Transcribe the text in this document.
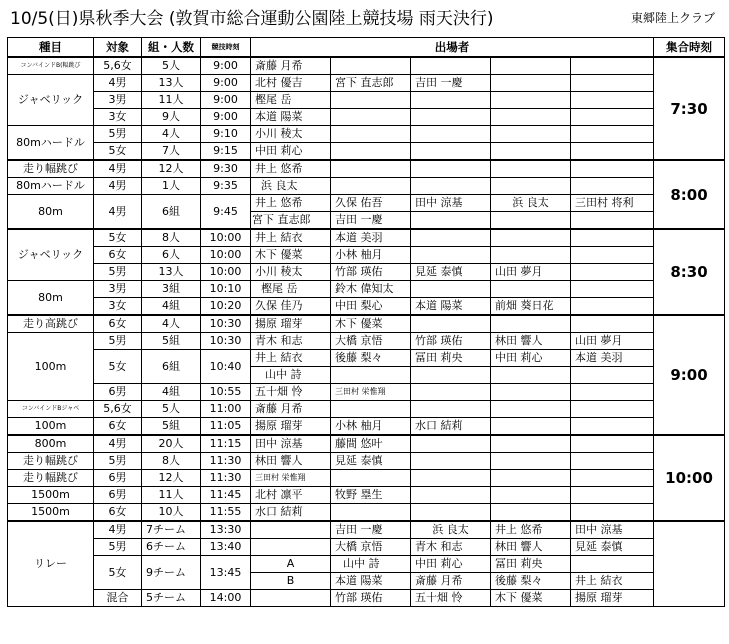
10/5(日)県秋季大会 (敦賀市総合運動公園陸上競技場 雨天決行)	東郷陸上クラブ
種目	対象	組・人数	競技時刻	出場者					集合時刻
コンバインドB(幅跳び	5,6女	5人	9:00	斎藤 月希					7:30
ジャベリック	4男	13人	9:00	北村 優吉	宮下 直志郎	吉田 一慶			
	3男	11人	9:00	樫尾 岳					
	3女	9人	9:00	本道 陽菜					
80mハードル	5男	4人	9:10	小川 稜太					
	5女	7人	9:15	中田 莉心					
走り幅跳び	4男	12人	9:30	井上 悠希					8:00
80mハードル	4男	1人	9:35	浜 良太					
80m	4男	6組	9:45	井上 悠希	久保 佑吾	田中 涼基	浜 良太	三田村 将利	
				宮下 直志郎	吉田 一慶				
ジャベリック	5女	8人	10:00	井上 結衣	本道 美羽				8:30
	6女	6人	10:00	木下 優菜	小林 柚月				
	5男	13人	10:00	小川 稜太	竹部 瑛佑	見延 泰慎	山田 夢月		
80m	3男	3組	10:10	樫尾 岳	鈴木 偉知太				
	3女	4組	10:20	久保 佳乃	中田 梨心	本道 陽菜	前畑 葵日花		
走り高跳び	6女	4人	10:30	揚原 瑠芽	木下 優菜				9:00
100m	5男	5組	10:30	青木 和志	大橋 京悟	竹部 瑛佑	林田 響人	山田 夢月	
	5女	6組	10:40	井上 結衣	後藤 梨々	冨田 莉央	中田 莉心	本道 美羽	
				山中 詩					
	6男	4組	10:55	五十畑 怜	三田村 栄惟翔				
コンバインドBジャベ	5,6女	5人	11:00	斎藤 月希					
100m	6女	5組	11:05	揚原 瑠芽	小林 柚月	水口 結莉			
800m	4男	20人	11:15	田中 涼基	藤間 悠叶				10:00
走り幅跳び	5男	8人	11:30	林田 響人	見延 泰慎				
走り幅跳び	6男	12人	11:30	三田村 栄惟翔					
1500m	6男	11人	11:45	北村 凛平	牧野 塁生				
1500m	6女	10人	11:55	水口 結莉					
リレー	4男	7チーム	13:30		吉田 一慶	浜 良太	井上 悠希	田中 涼基	
	5男	6チーム	13:40		大橋 京悟	青木 和志	林田 響人	見延 泰慎	
	5女	9チーム	13:45	A	山中 詩	中田 莉心	冨田 莉央		
				B	本道 陽菜	斎藤 月希	後藤 梨々	井上 結衣	
	混合	5チーム	14:00		竹部 瑛佑	五十畑 怜	木下 優菜	揚原 瑠芽	
